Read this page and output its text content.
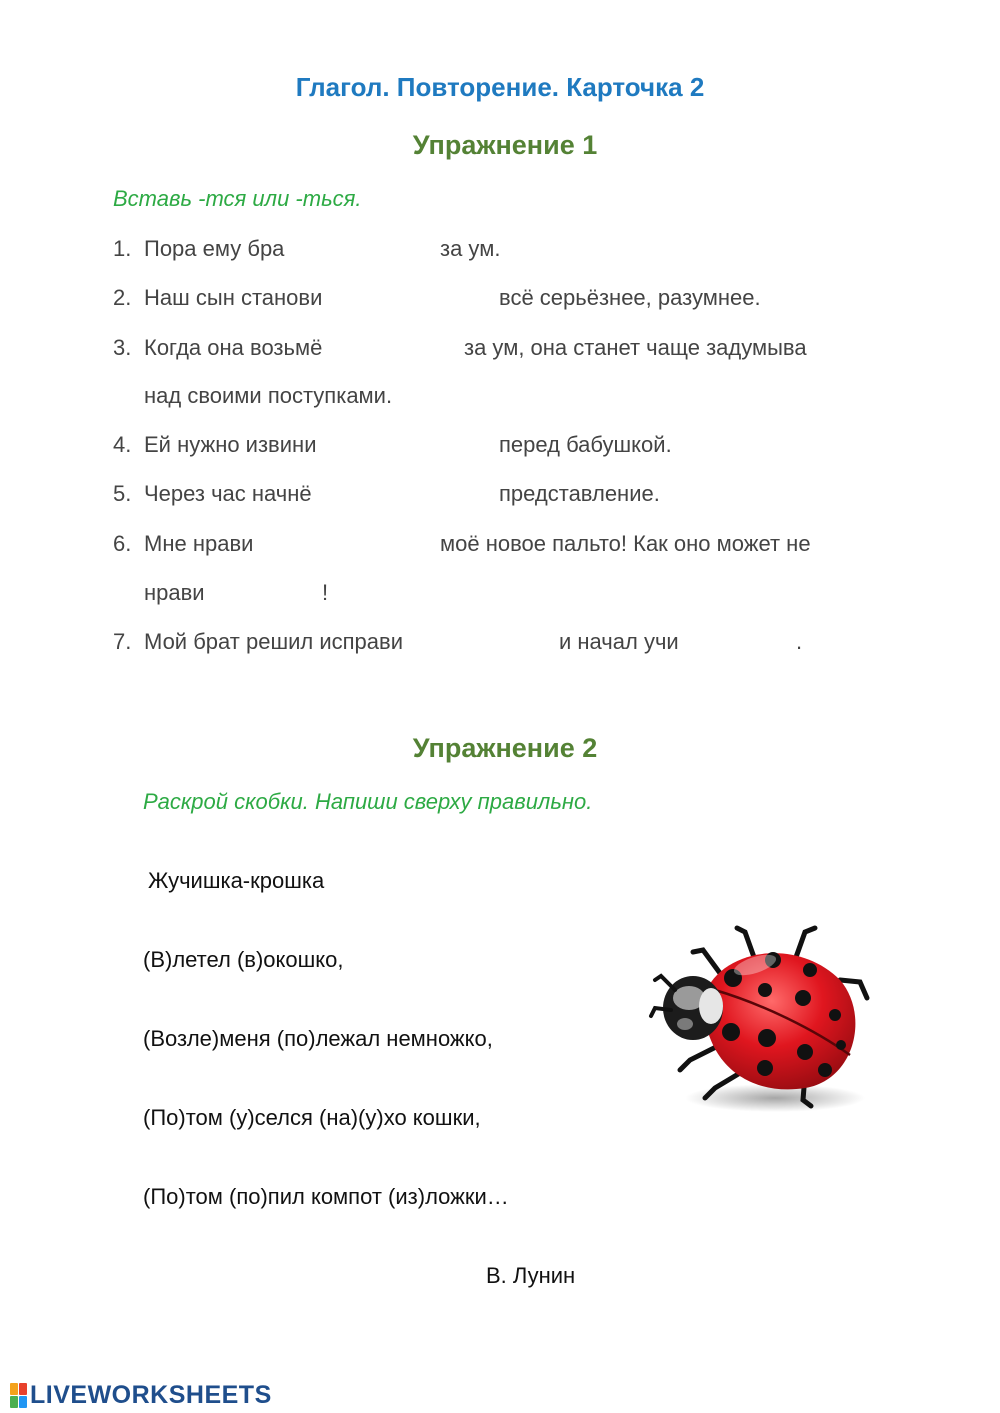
Глагол. Повторение. Карточка 2
Упражнение 1
Вставь -тся или -ться.
1. Пора ему бра	за ум.
2. Наш сын станови	всё серьёзнее, разумнее.
3. Когда она возьмё	за ум, она станет чаще задумыва
над своими поступками.
4. Ей нужно извини	перед бабушкой.
5. Через час начнё	представление.
6. Мне нрави	моё новое пальто! Как оно может не
нрави	!
7. Мой брат решил исправи	и начал учи	.
Упражнение 2
Раскрой скобки. Напиши сверху правильно.
Жучишка-крошка
(В)летел (в)окошко,
(Возле)меня (по)лежал немножко,
(По)том (у)селся (на)(у)хо кошки,
(По)том (по)пил компот (из)ложки…
В. Лунин
LIVEWORKSHEETS
